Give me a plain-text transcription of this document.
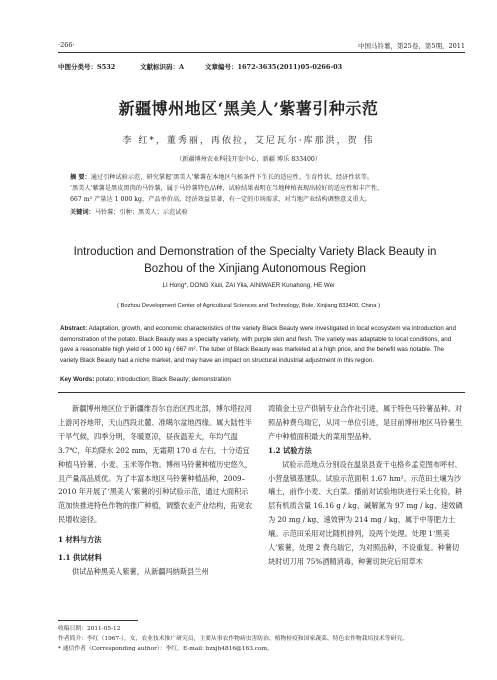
·266·	中国马铃薯，第25卷，第5期，2011
中图分类号：S532	文献标识码：A	文章编号：1672-3635(2011)05-0266-03
新疆博州地区‘黑美人’紫薯引种示范
李 红*，董秀丽，再依拉，艾尼瓦尔·库那洪，贺 伟
（新疆博州农业科技开发中心，新疆 博乐 833400）
摘 要：通过引种试验示范，研究掌握‘黑美人’紫薯在本地区气候条件下生长的适应性、生育性状、经济性状等。
‘黑美人’紫薯是黑皮黑肉的马铃薯，属于马铃薯特色品种，试验结果表明在当地种植表现出较好的适应性和丰产性，
667 m² 产量达 1 000 kg，产品单价高，经济效益显著，有一定的市场需求，对当地产业结构调整意义重大。
关键词：马铃薯；引种；黑美人；示范试验
Introduction and Demonstration of the Specialty Variety Black Beauty in Bozhou of the Xinjiang Autonomous Region
LI Hong*, DONG Xiuli, ZAI Yila, AINIWAER Kunahong, HE Wei
( Bozhou Development Center of Agricultural Sciences and Technology, Bole, Xinjiang 833400, China )
Abstract: Adaptation, growth, and economic characteristics of the variety Black Beauty were investigated in local ecosystem via introduction and demonstration of the potato. Black Beauty was a specialty variety, with purple skin and flesh. The variety was adaptable to local conditions, and gave a reasonable high yield of 1 000 kg / 667 m². The tuber of Black Beauty was marketed at a high price, and the benefit was notable. The variety Black Beauty had a niche market, and may have an impact on structural industrial adjustment in this region.
Key Words: potato; introduction; Black Beauty; demonstration

新疆博州地区位于新疆维吾尔自治区西北部，博尔塔拉河上游河谷地带，天山西段北麓、准噶尔盆地西缘。属大陆性半干旱气候，四季分明，冬暖夏凉，昼夜温差大，年均气温 3.7℃，年均降水 202 mm，无霜期 170 d 左右，十分适宜种植马铃薯、小麦、玉米等作物。博州马铃薯种植历史悠久，且产量高品质优。为了丰富本地区马铃薯种植品种，2009–2010 年开展了‘黑美人’紫薯的引种试验示范，通过大面积示范加快推进特色作物的推广种植，调整农业产业结构，拓宽农民增收途径。

1 材料与方法

1.1 供试材料

供试品种黑美人紫薯，从新疆玛纳斯县兰州

湾镇金土豆产供销专业合作社引进，属于特色马铃薯品种。对照品种费乌瑞它，从同一单位引进，是目前博州地区马铃薯生产中种植面积最大的菜用型品种。

1.2 试验方法

试验示范地点分别设在温泉县查干屯格乡孟克图布呼村、小营盘镇基建队。试验示范面积 1.67 hm²。示范田土壤为沙壤土，前作小麦、大白菜。播前对试验地块进行采土化验，耕层有机质含量 16.16 g / kg、碱解氮为 97 mg / kg、速效磷为 20 mg / kg、速效钾为 214 mg / kg，属于中等肥力土壤。示范田采用对比随机排列，设两个处理。处理 1‘黑美人’紫薯，处理 2 费乌瑞它，为对照品种，不设重复。种薯切块时切刀用 75%酒精消毒，种薯切块完后用草木

收稿日期：2011-05-12
作者简介：李红（1967-），女，农业技术推广研究员，主要从事农作物病虫害防治、植物检疫和国家蔬菜、特色农作物栽培技术等研究。
* 通信作者（Corresponding author）：李红，E-mail: bzxjh4816@163.com。
